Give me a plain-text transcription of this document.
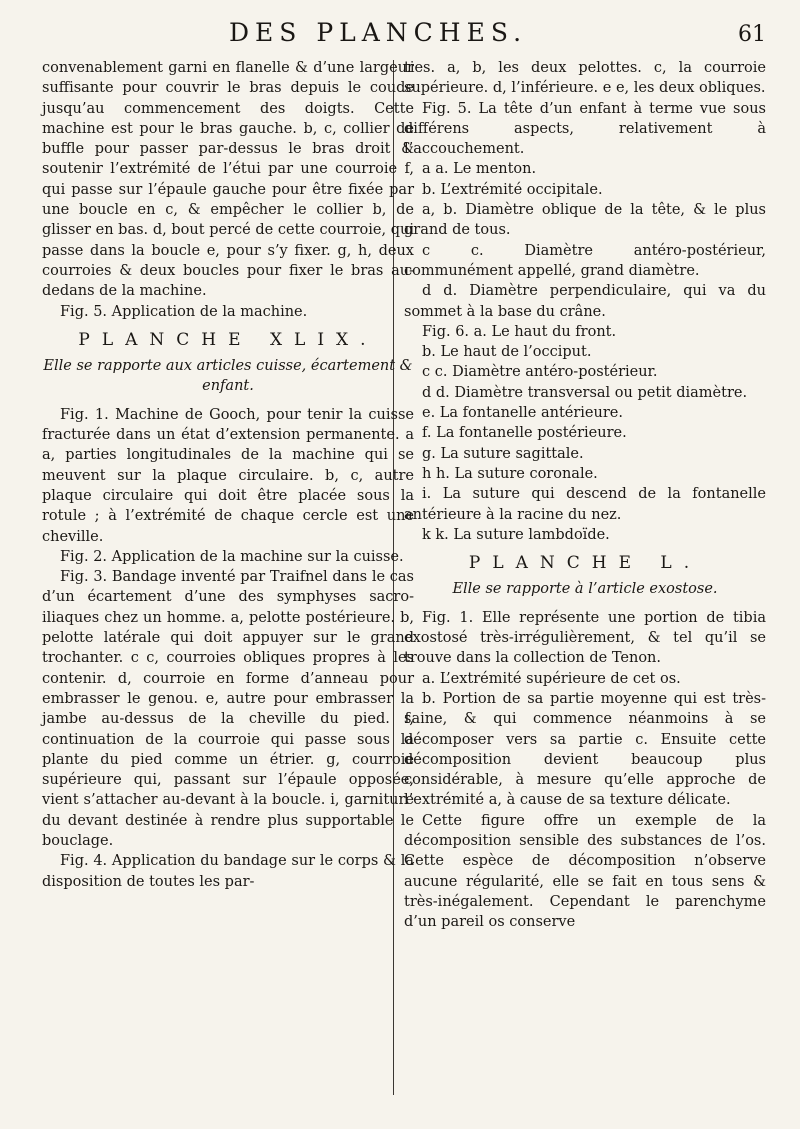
DES PLANCHES.	61

convenablement garni en flanelle & d’une largeur suffisante pour couvrir le bras depuis le coude jusqu’au commencement des doigts. Cette machine est pour le bras gauche. b, c, collier de buffle pour passer par-dessus le bras droit & soutenir l’extrémité de l’étui par une courroie f, qui passe sur l’épaule gauche pour être fixée par une boucle en c, & empêcher le collier b, de glisser en bas. d, bout percé de cette courroie, qui passe dans la boucle e, pour s’y fixer. g, h, deux courroies & deux boucles pour fixer le bras au-dedans de la machine.

Fig. 5. Application de la machine.

PLANCHE XLIX.

Elle se rapporte aux articles cuisse, écartement & enfant.

Fig. 1. Machine de Gooch, pour tenir la cuisse fracturée dans un état d’extension permanente. a a, parties longitudinales de la machine qui se meuvent sur la plaque circulaire. b, c, autre plaque circulaire qui doit être placée sous la rotule ; à l’extrémité de chaque cercle est une cheville.

Fig. 2. Application de la machine sur la cuisse.

Fig. 3. Bandage inventé par Traifnel dans le cas d’un écartement d’une des symphyses sacro-iliaques chez un homme. a, pelotte postérieure. b, pelotte latérale qui doit appuyer sur le grand trochanter. c c, courroies obliques propres à les contenir. d, courroie en forme d’anneau pour embrasser le genou. e, autre pour embrasser la jambe au-dessus de la cheville du pied. f, continuation de la courroie qui passe sous la plante du pied comme un étrier. g, courroie supérieure qui, passant sur l’épaule opposée, vient s’attacher au-devant à la boucle. i, garniture du devant destinée à rendre plus supportable le bouclage.

Fig. 4. Application du bandage sur le corps & la disposition de toutes les par-

ties. a, b, les deux pelottes. c, la courroie supérieure. d, l’inférieure. e e, les deux obliques.

Fig. 5. La tête d’un enfant à terme vue sous différens aspects, relativement à l’accouchement.

a a. Le menton.

b. L’extrémité occipitale.

a, b. Diamètre oblique de la tête, & le plus grand de tous.

c c. Diamètre antéro-postérieur, communément appellé, grand diamètre.

d d. Diamètre perpendiculaire, qui va du sommet à la base du crâne.

Fig. 6. a. Le haut du front.

b. Le haut de l’occiput.

c c. Diamètre antéro-postérieur.

d d. Diamètre transversal ou petit diamètre.

e. La fontanelle antérieure.

f. La fontanelle postérieure.

g. La suture sagittale.

h h. La suture coronale.

i. La suture qui descend de la fontanelle antérieure à la racine du nez.

k k. La suture lambdoïde.

PLANCHE L.

Elle se rapporte à l’article exostose.

Fig. 1. Elle représente une portion de tibia exostosé très-irrégulièrement, & tel qu’il se trouve dans la collection de Tenon.

a. L’extrémité supérieure de cet os.

b. Portion de sa partie moyenne qui est très-saine, & qui commence néanmoins à se décomposer vers sa partie c. Ensuite cette décomposition devient beaucoup plus considérable, à mesure qu’elle approche de l’extrémité a, à cause de sa texture délicate.

Cette figure offre un exemple de la décomposition sensible des substances de l’os. Cette espèce de décomposition n’observe aucune régularité, elle se fait en tous sens & très-inégalement. Cependant le parenchyme d’un pareil os conserve
